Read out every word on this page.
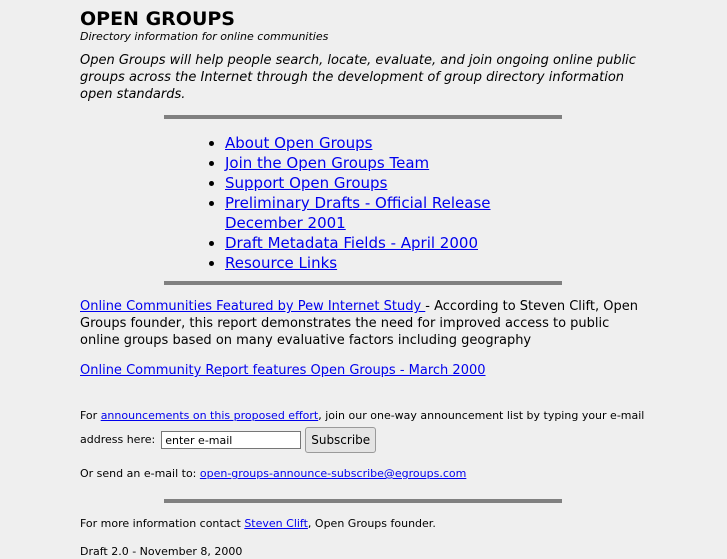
OPEN GROUPS

Directory information for online communities

Open Groups will help people search, locate, evaluate, and join ongoing online public groups across the Internet through the development of group directory information open standards.

• About Open Groups
• Join the Open Groups Team
• Support Open Groups
• Preliminary Drafts - Official Release December 2001
• Draft Metadata Fields - April 2000
• Resource Links

Online Communities Featured by Pew Internet Study - According to Steven Clift, Open Groups founder, this report demonstrates the need for improved access to public online groups based on many evaluative factors including geography

Online Community Report features Open Groups - March 2000

For announcements on this proposed effort, join our one-way announcement list by typing your e-mail

address here:
enter e-mail	Subscribe

Or send an e-mail to: open-groups-announce-subscribe@egroups.com

For more information contact Steven Clift, Open Groups founder.

Draft 2.0 - November 8, 2000
